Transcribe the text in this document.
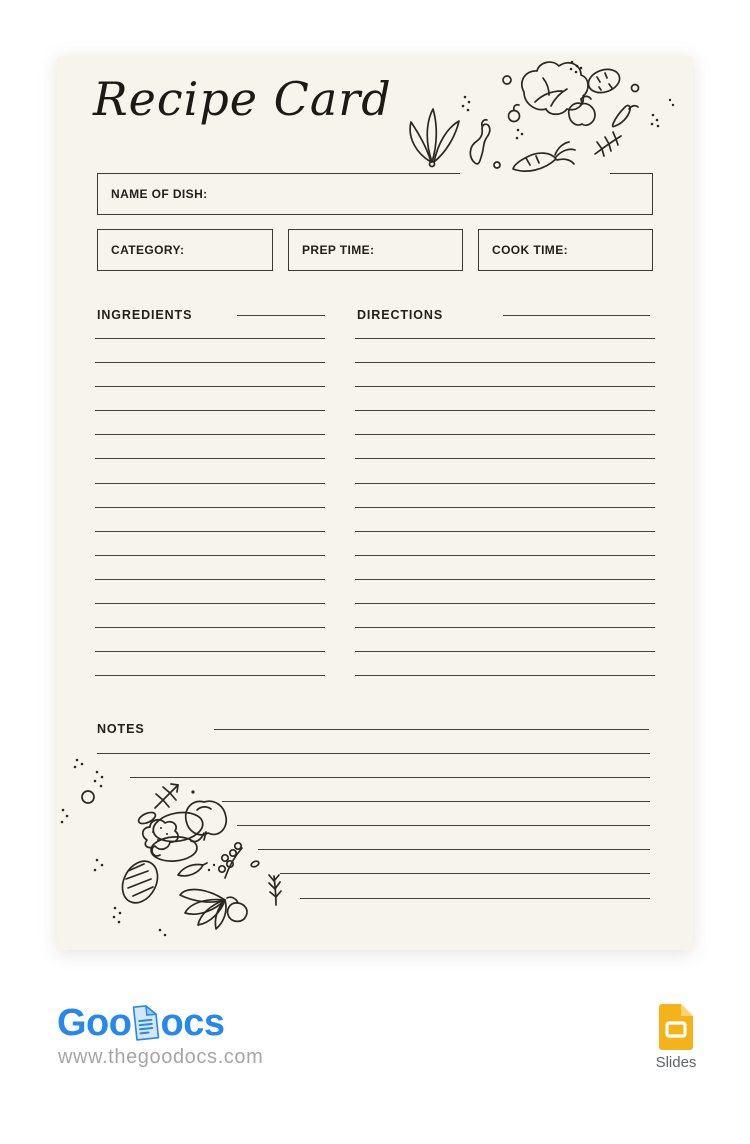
Recipe Card
NAME OF DISH:
CATEGORY:	PREP TIME:	COOK TIME:
INGREDIENTS	DIRECTIONS
NOTES
Goo ocs
www.thegoodocs.com	Slides
